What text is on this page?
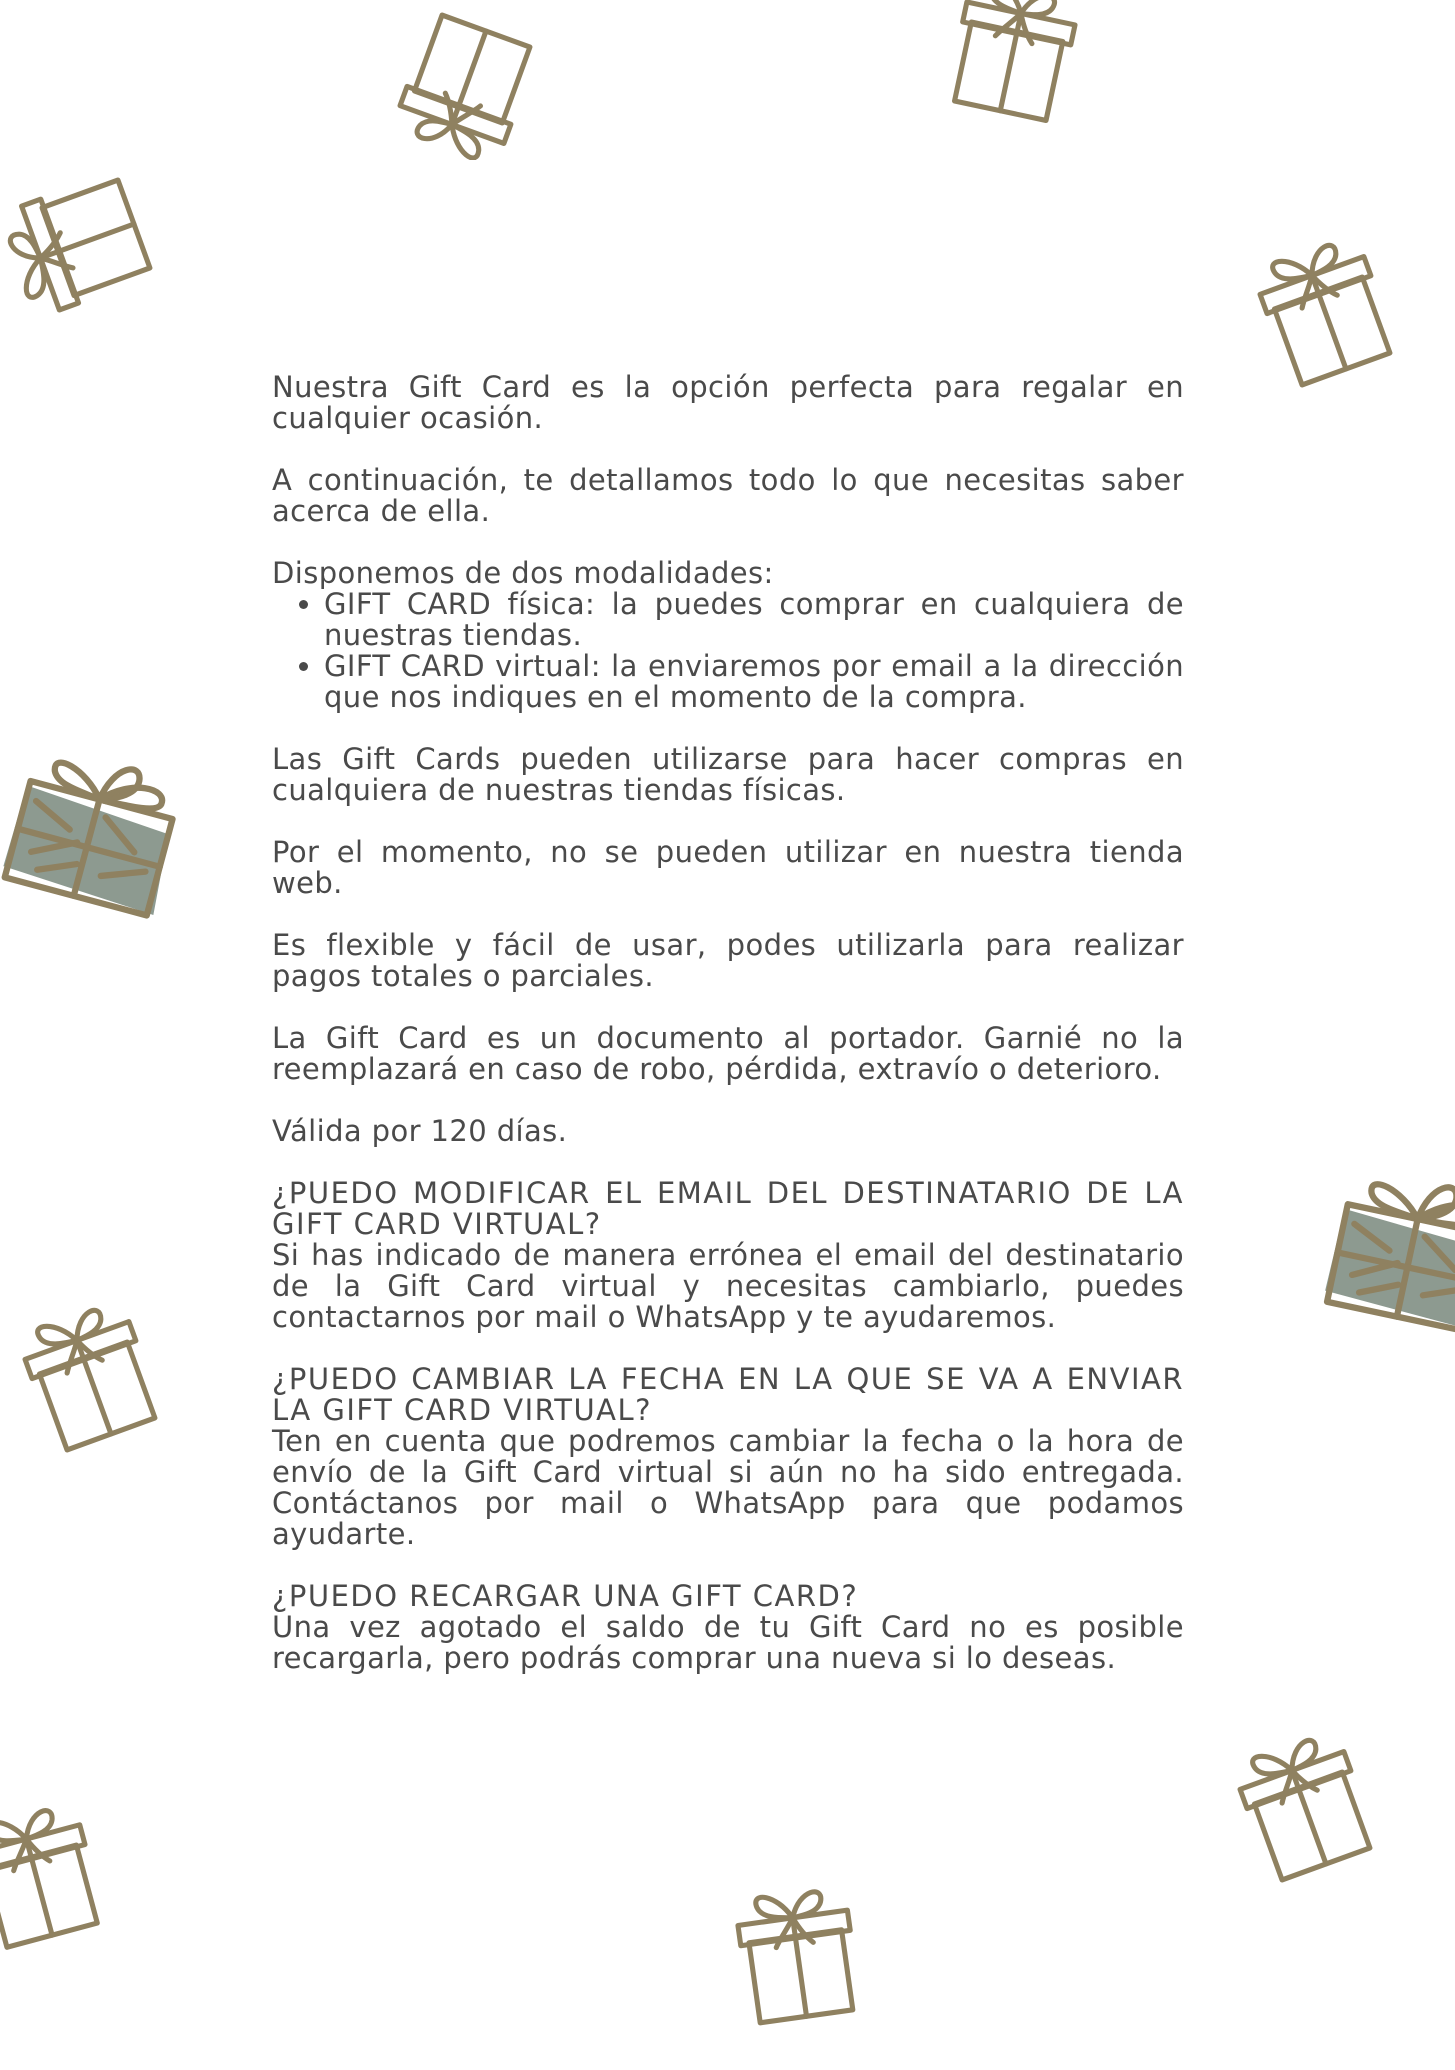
Nuestra Gift Card es la opción perfecta para regalar en cualquier ocasión.

A continuación, te detallamos todo lo que necesitas saber acerca de ella.

Disponemos de dos modalidades:

• GIFT CARD física: la puedes comprar en cualquiera de nuestras tiendas.
• GIFT CARD virtual: la enviaremos por email a la dirección que nos indiques en el momento de la compra.

Las Gift Cards pueden utilizarse para hacer compras en cualquiera de nuestras tiendas físicas.

Por el momento, no se pueden utilizar en nuestra tienda web.

Es flexible y fácil de usar, podes utilizarla para realizar pagos totales o parciales.

La Gift Card es un documento al portador. Garnié no la reemplazará en caso de robo, pérdida, extravío o deterioro.

Válida por 120 días.

¿PUEDO MODIFICAR EL EMAIL DEL DESTINATARIO DE LA GIFT CARD VIRTUAL?
Si has indicado de manera errónea el email del destinatario de la Gift Card virtual y necesitas cambiarlo, puedes contactarnos por mail o WhatsApp y te ayudaremos.
¿PUEDO CAMBIAR LA FECHA EN LA QUE SE VA A ENVIAR LA GIFT CARD VIRTUAL?
Ten en cuenta que podremos cambiar la fecha o la hora de envío de la Gift Card virtual si aún no ha sido entregada. Contáctanos por mail o WhatsApp para que podamos ayudarte.
¿PUEDO RECARGAR UNA GIFT CARD?
Una vez agotado el saldo de tu Gift Card no es posible recargarla, pero podrás comprar una nueva si lo deseas.
